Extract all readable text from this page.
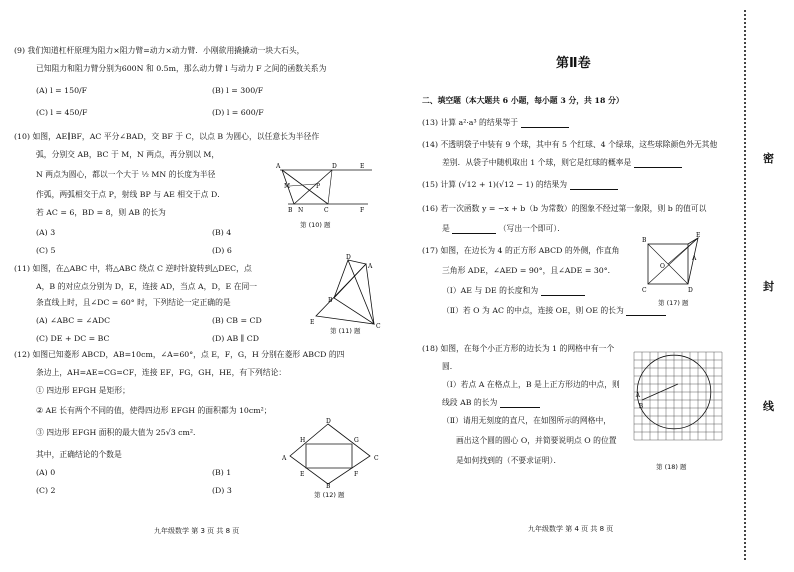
(9) 我们知道杠杆原理为阻力×阻力臂=动力×动力臂．小刚欲用撬撬动一块大石头，
已知阻力和阻力臂分别为600N 和 0.5m，那么动力臂 l 与动力 F 之间的函数关系为
(A) l = 150/F	(B) l = 300/F
(C) l = 450/F	(D) l = 600/F
(10) 如图，AE∥BF，AC 平分∠BAD，交 BF 于 C，以点 B 为圆心，以任意长为半径作
弧，分别交 AB，BC 于 M，N 两点，再分别以 M，
N 两点为圆心，都以一个大于 ½ MN 的长度为半径
作弧，两弧相交于点 P，射线 BP 与 AE 相交于点 D．
若 AC = 6，BD = 8，则 AB 的长为
(A) 3	(B) 4
(C) 5	(D) 6
A	D	E
B N	C	F
M	P
第 (10) 题
(11) 如图，在△ABC 中，将△ABC 绕点 C 逆时针旋转到△DEC，点
A，B 的对应点分别为 D，E，连接 AD，当点 A，D，E 在同一
条直线上时，且∠DC = 60° 时，下列结论一定正确的是
(A) ∠ABC = ∠ADC	(B) CB = CD
(C) DE + DC = BC	(D) AB ∥ CD
A
D
E
B
C
第 (11) 题
(12) 如图已知菱形 ABCD，AB=10cm，∠A=60°，点 E，F，G，H 分别在菱形 ABCD 的四
条边上，AH=AE=CG=CF，连接 EF，FG，GH，HE，有下列结论：
① 四边形 EFGH 是矩形；
② AE 长有两个不同的值，使得四边形 EFGH 的面积都为 10cm²；
③ 四边形 EFGH 面积的最大值为 25√3 cm²．
其中，正确结论的个数是
(A) 0	(B) 1
(C) 2	(D) 3
D
C
B
A
H	G
F
E
第 (12) 题
九年级数学 第 3 页 共 8 页
第Ⅱ卷
二、填空题（本大题共 6 小题，每小题 3 分，共 18 分）
(13) 计算 a²·a³ 的结果等于
(14) 不透明袋子中装有 9 个球，其中有 5 个红球、4 个绿球，这些球除颜色外无其他
差别．从袋子中随机取出 1 个球，则它是红球的概率是
(15) 计算 (√12 + 1)(√12 − 1) 的结果为
(16) 若一次函数 y = −x + b（b 为常数）的图象不经过第一象限，则 b 的值可以
是	（写出一个即可）．
(17) 如图，在边长为 4 的正方形 ABCD 的外侧，作直角
三角形 ADE，∠AED = 90°，且∠ADE = 30°．
（Ⅰ）AE 与 DE 的长度和为
（Ⅱ）若 O 为 AC 的中点，连接 OE，则 OE 的长为
B
E
A
O
C	D
第 (17) 题
(18) 如图，在每个小正方形的边长为 1 的网格中有一个
圆．
（Ⅰ）若点 A 在格点上，B 是上正方形边的中点，则
线段 AB 的长为
（Ⅱ）请用无刻度的直尺，在如图所示的网格中，
画出这个圆的圆心 O，并简要说明点 O 的位置
是如何找到的（不要求证明）．
A
B
第 (18) 题
九年级数学 第 4 页 共 8 页
密
封
线
